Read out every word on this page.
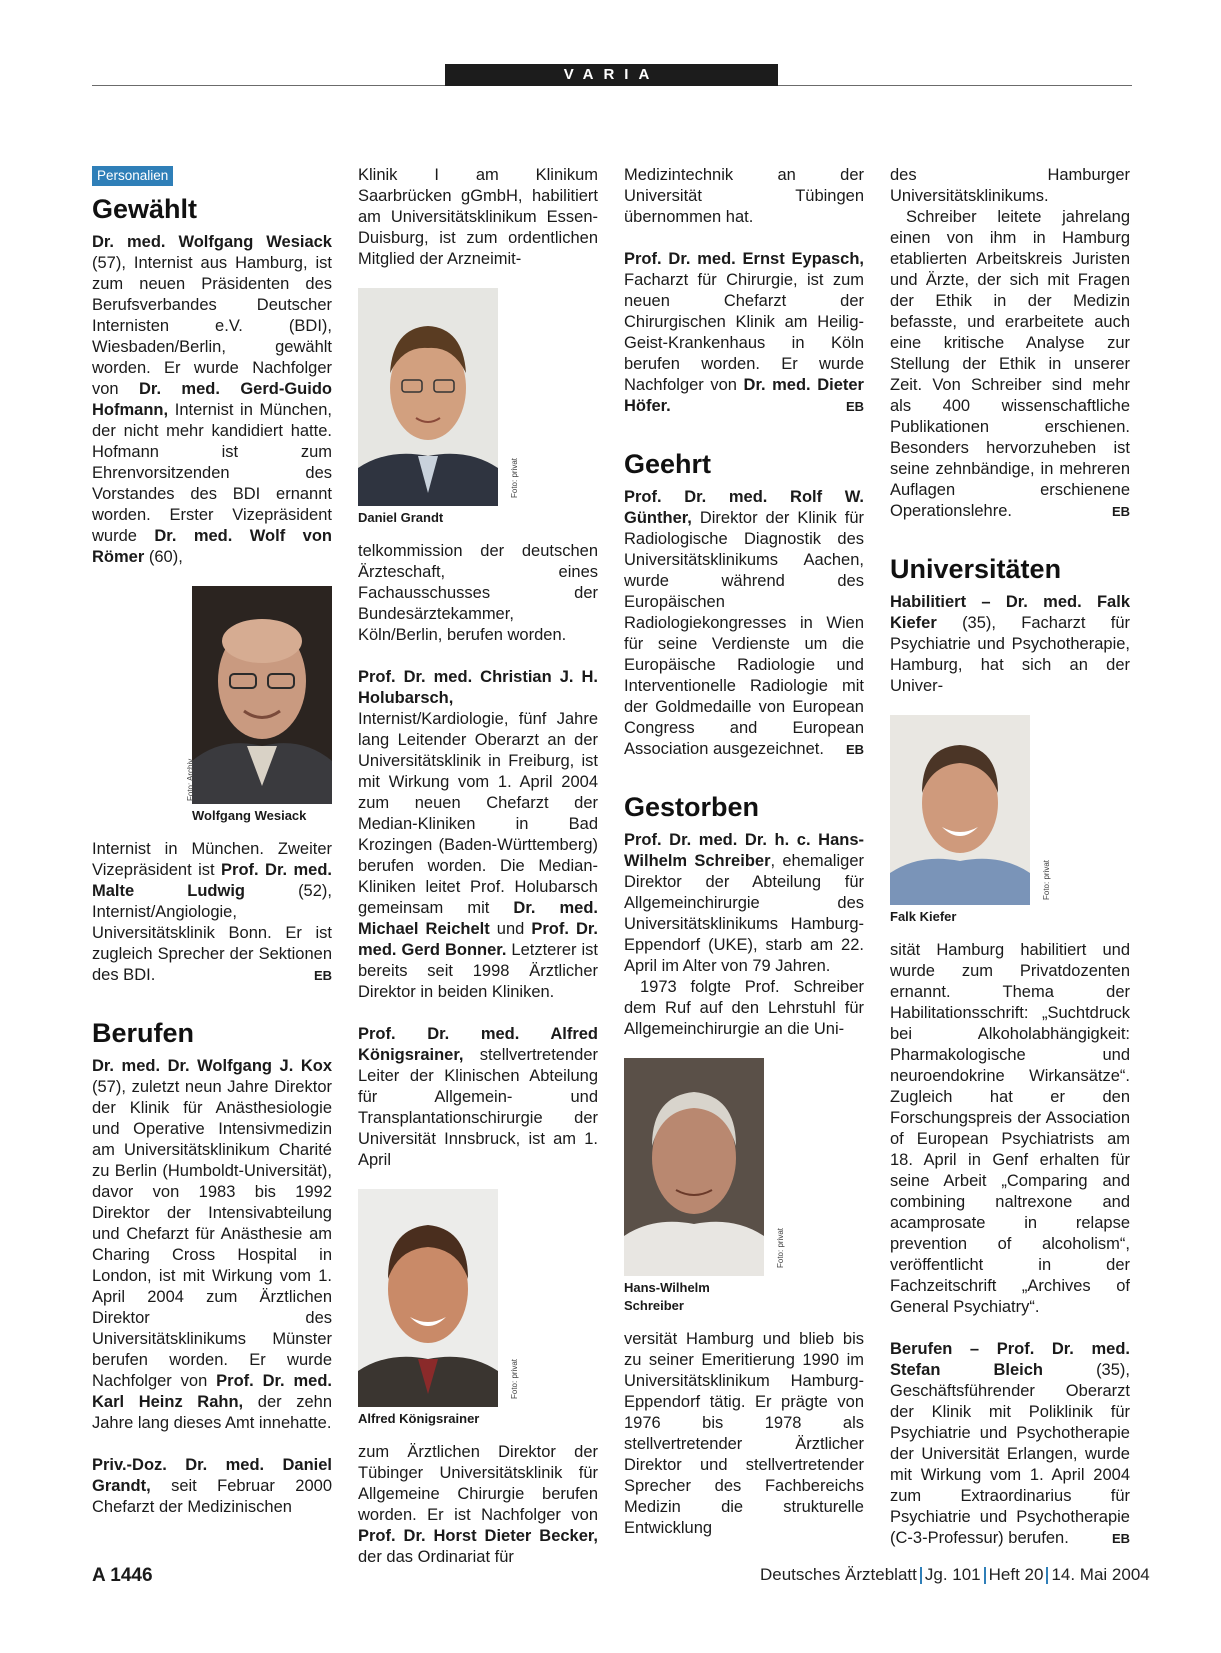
VARIA
Personalien
Gewählt

Dr. med. Wolfgang Wesiack (57), Internist aus Hamburg, ist zum neuen Präsidenten des Berufsverbandes Deutscher Internisten e.V. (BDI), Wiesbaden/Berlin, gewählt worden. Er wurde Nachfolger von Dr. med. Gerd-Guido Hofmann, Internist in München, der nicht mehr kandidiert hatte. Hofmann ist zum Ehrenvorsitzenden des Vorstandes des BDI ernannt worden. Erster Vizepräsident wurde Dr. med. Wolf von Römer (60),

Foto: Archiv
Wolfgang Wesiack

Internist in München. Zweiter Vizepräsident ist Prof. Dr. med. Malte Ludwig	(52), Internist/Angiologie, Universitätsklinik Bonn. Er ist zugleich Sprecher der Sektionen des BDI.	EB

Berufen

Dr. med. Dr. Wolfgang J. Kox (57), zuletzt neun Jahre Direktor der Klinik für Anästhesiologie und Operative Intensivmedizin am Universitätsklinikum Charité zu Berlin (Humboldt-Universität), davor von 1983 bis 1992 Direktor der Intensivabteilung und Chefarzt für Anästhesie am Charing Cross Hospital in London, ist mit Wirkung vom 1. April 2004 zum Ärztlichen Direktor des Universitätsklinikums Münster berufen worden. Er wurde Nachfolger von Prof. Dr. med. Karl Heinz Rahn, der zehn Jahre lang dieses Amt innehatte.

Priv.-Doz. Dr. med. Daniel Grandt, seit Februar 2000 Chefarzt der Medizinischen

Klinik I am Klinikum Saarbrücken gGmbH, habilitiert am Universitätsklinikum Essen-Duisburg, ist zum ordentlichen Mitglied der Arzneimit-

Foto: privat
Daniel Grandt

telkommission der deutschen Ärzteschaft, eines Fachausschusses der Bundesärztekammer, Köln/Berlin, berufen worden.

Prof. Dr. med. Christian J. H. Holubarsch, Internist/Kardiologie, fünf Jahre lang Leitender Oberarzt an der Universitätsklinik in Freiburg, ist mit Wirkung vom 1. April 2004 zum neuen Chefarzt der Median-Kliniken in Bad Krozingen (Baden-Württemberg) berufen worden. Die Median-Kliniken leitet Prof. Holubarsch gemeinsam mit Dr. med. Michael Reichelt und Prof. Dr. med. Gerd Bonner. Letzterer ist bereits seit 1998 Ärztlicher Direktor in beiden Kliniken.

Prof. Dr. med. Alfred Königsrainer, stellvertretender Leiter der Klinischen Abteilung für Allgemein- und Transplantationschirurgie der Universität Innsbruck, ist am 1. April

Foto: privat
Alfred Königsrainer

zum Ärztlichen Direktor der Tübinger Universitätsklinik für Allgemeine Chirurgie berufen worden. Er ist Nachfolger von Prof. Dr. Horst Dieter Becker, der das Ordinariat für

Medizintechnik an der Universität Tübingen übernommen hat.

Prof. Dr. med. Ernst Eypasch, Facharzt für Chirurgie, ist zum neuen Chefarzt der Chirurgischen Klinik am Heilig-Geist-Krankenhaus in Köln berufen worden. Er wurde Nachfolger von Dr. med. Dieter Höfer.	EB

Geehrt

Prof. Dr. med. Rolf W. Günther, Direktor der Klinik für Radiologische Diagnostik des Universitätsklinikums Aachen, wurde während des Europäischen Radiologiekongresses in Wien für seine Verdienste um die Europäische Radiologie und Interventionelle Radiologie mit der Goldmedaille von European Congress and European Association ausgezeichnet. EB

Gestorben

Prof. Dr. med. Dr. h. c. Hans-Wilhelm Schreiber, ehemaliger Direktor der Abteilung für Allgemeinchirurgie des Universitätsklinikums Hamburg-Eppendorf (UKE), starb am 22. April im Alter von 79 Jahren.

1973 folgte Prof. Schreiber dem Ruf auf den Lehrstuhl für Allgemeinchirurgie an die Uni-

Foto: privat
Hans-Wilhelm Schreiber

versität Hamburg und blieb bis zu seiner Emeritierung 1990 im Universitätsklinikum Hamburg-Eppendorf tätig. Er prägte von 1976 bis 1978 als stellvertretender Ärztlicher Direktor und stellvertretender Sprecher des Fachbereichs Medizin die strukturelle Entwicklung

des Hamburger Universitätsklinikums.

Schreiber leitete jahrelang einen von ihm in Hamburg etablierten Arbeitskreis Juristen und Ärzte, der sich mit Fragen der Ethik in der Medizin befasste, und erarbeitete auch eine kritische Analyse zur Stellung der Ethik in unserer Zeit. Von Schreiber sind mehr als 400 wissenschaftliche Publikationen erschienen. Besonders hervorzuheben ist seine zehnbändige, in mehreren Auflagen erschienene Operationslehre.	EB

Universitäten

Habilitiert – Dr. med. Falk Kiefer (35), Facharzt für Psychiatrie und Psychotherapie, Hamburg, hat sich an der Univer-

Foto: privat
Falk Kiefer

sität Hamburg habilitiert und wurde zum Privatdozenten ernannt. Thema der Habilitationsschrift: „Suchtdruck bei Alkoholabhängigkeit: Pharmakologische und neuroendokrine Wirkansätze“. Zugleich hat er den Forschungspreis der Association of European Psychiatrists am 18. April in Genf erhalten für seine Arbeit „Comparing and combining naltrexone and acamprosate in relapse prevention of alcoholism“, veröffentlicht in der Fachzeitschrift „Archives of General Psychiatry“.

Berufen – Prof. Dr. med. Stefan Bleich	(35), Geschäftsführender Oberarzt der Klinik mit Poliklinik für Psychiatrie und Psychotherapie der Universität Erlangen, wurde mit Wirkung vom 1. April 2004 zum Extraordinarius für Psychiatrie und Psychotherapie (C-3-Professur) berufen.	EB

A 1446	Deutsches Ärzteblatt Jg. 101 Heft 20 14. Mai 2004
